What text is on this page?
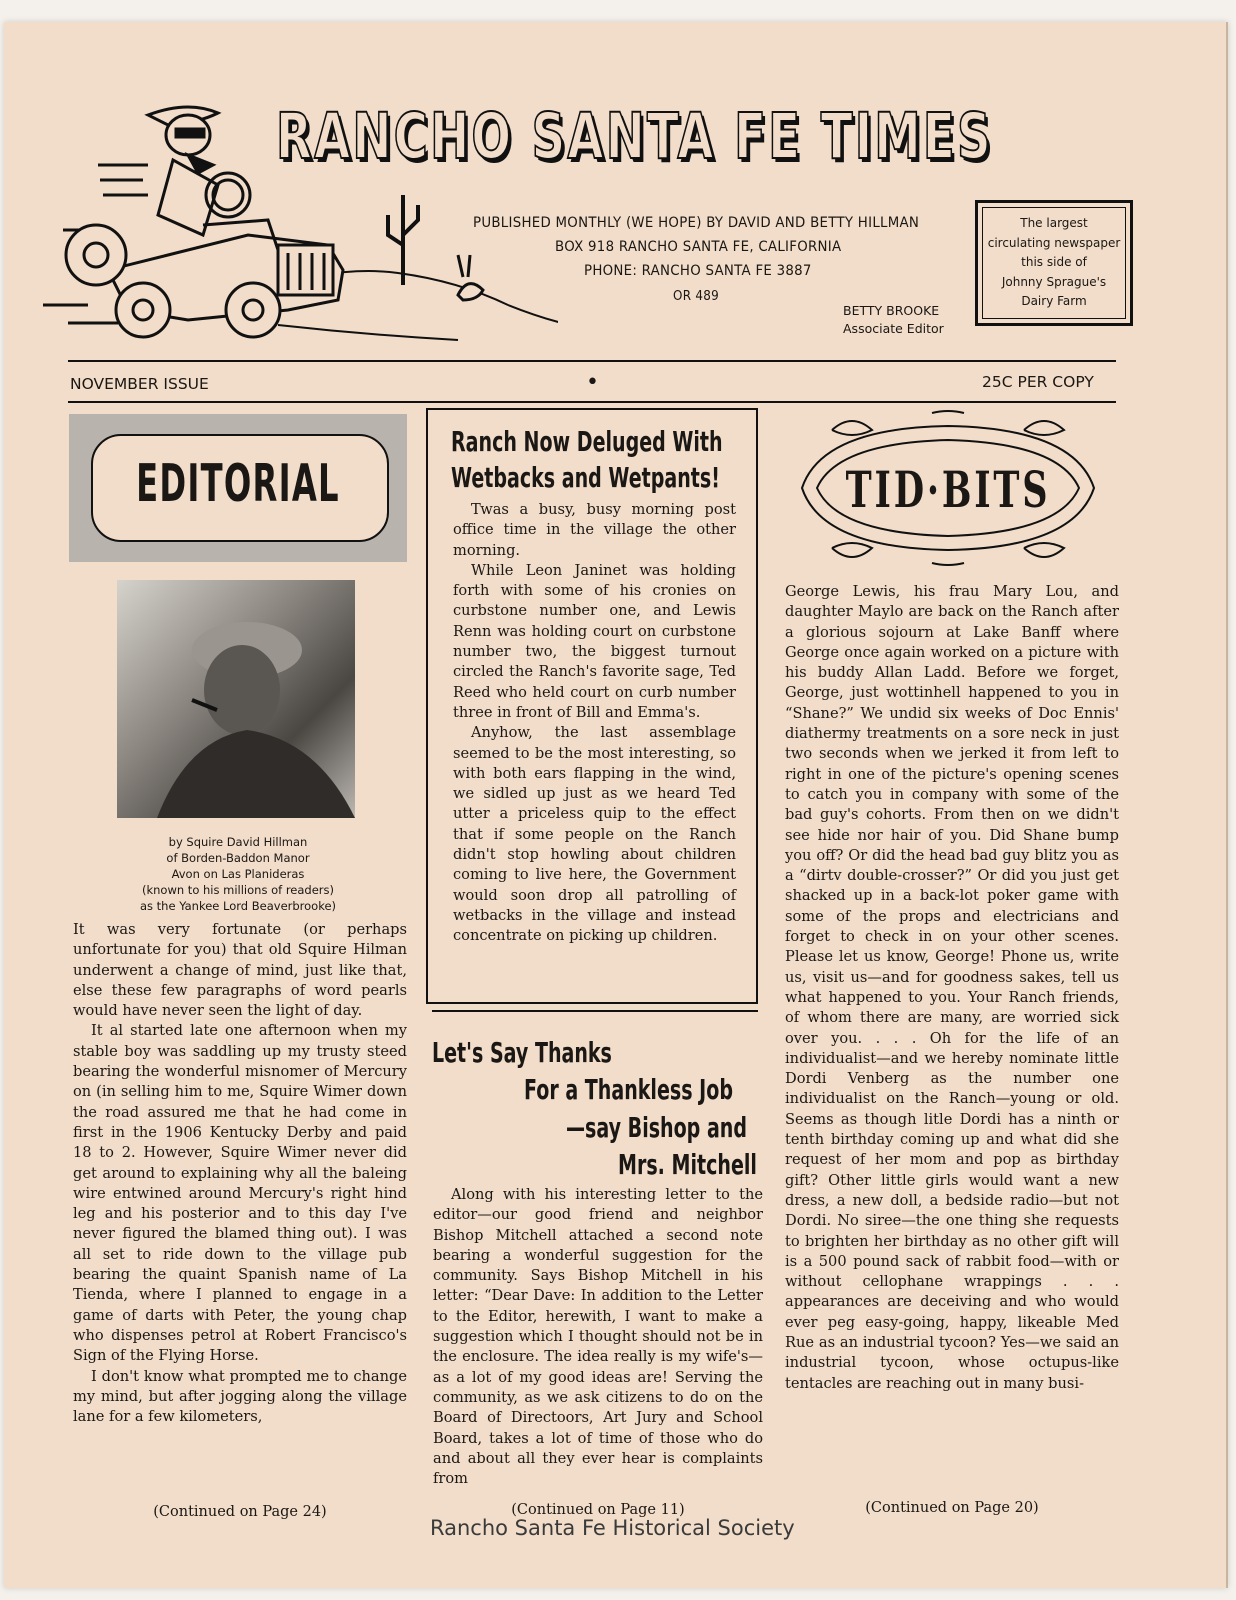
RANCHO SANTA FE TIMES
PUBLISHED MONTHLY (WE HOPE) BY DAVID AND BETTY HILLMAN
BOX 918 RANCHO SANTA FE, CALIFORNIA
PHONE: RANCHO SANTA FE 3887
OR 489
BETTY BROOKE
Associate Editor
The largest
circulating newspaper
this side of
Johnny Sprague's
Dairy Farm
NOVEMBER ISSUE	•	25C PER COPY
EDITORIAL
by Squire David Hillman
of Borden-Baddon Manor
Avon on Las Planideras
(known to his millions of readers)
as the Yankee Lord Beaverbrooke)

It was very fortunate (or perhaps unfortunate for you) that old Squire Hilman underwent a change of mind, just like that, else these few paragraphs of word pearls would have never seen the light of day.

It al started late one afternoon when my stable boy was saddling up my trusty steed bearing the wonderful misnomer of Mercury on (in selling him to me, Squire Wimer down the road assured me that he had come in first in the 1906 Kentucky Derby and paid 18 to 2. However, Squire Wimer never did get around to explaining why all the baleing wire entwined around Mercury's right hind leg and his posterior and to this day I've never figured the blamed thing out). I was all set to ride down to the village pub bearing the quaint Spanish name of La Tienda, where I planned to engage in a game of darts with Peter, the young chap who dispenses petrol at Robert Francisco's Sign of the Flying Horse.

I don't know what prompted me to change my mind, but after jogging along the village lane for a few kilometers,

(Continued on Page 24)
Ranch Now Deluged With
Wetbacks and Wetpants!

Twas a busy, busy morning post office time in the village the other morning.

While Leon Janinet was holding forth with some of his cronies on curbstone number one, and Lewis Renn was holding court on curbstone number two, the biggest turnout circled the Ranch's favorite sage, Ted Reed who held court on curb number three in front of Bill and Emma's.

Anyhow, the last assemblage seemed to be the most interesting, so with both ears flapping in the wind, we sidled up just as we heard Ted utter a priceless quip to the effect that if some people on the Ranch didn't stop howling about children coming to live here, the Government would soon drop all patrolling of wetbacks in the village and instead concentrate on picking up children.

Let's Say Thanks
For a Thankless Job
—say Bishop and
Mrs. Mitchell

Along with his interesting letter to the editor—our good friend and neighbor Bishop Mitchell attached a second note bearing a wonderful suggestion for the community. Says Bishop Mitchell in his letter: “Dear Dave: In addition to the Letter to the Editor, herewith, I want to make a suggestion which I thought should not be in the enclosure. The idea really is my wife's—as a lot of my good ideas are! Serving the community, as we ask citizens to do on the Board of Directoors, Art Jury and School Board, takes a lot of time of those who do and about all they ever hear is complaints from

(Continued on Page 11)
TID·BITS

George Lewis, his frau Mary Lou, and daughter Maylo are back on the Ranch after a glorious sojourn at Lake Banff where George once again worked on a picture with his buddy Allan Ladd. Before we forget, George, just wottinhell happened to you in “Shane?” We undid six weeks of Doc Ennis' diathermy treatments on a sore neck in just two seconds when we jerked it from left to right in one of the picture's opening scenes to catch you in company with some of the bad guy's cohorts. From then on we didn't see hide nor hair of you. Did Shane bump you off? Or did the head bad guy blitz you as a “dirtv double-crosser?” Or did you just get shacked up in a back-lot poker game with some of the props and electricians and forget to check in on your other scenes. Please let us know, George! Phone us, write us, visit us—and for goodness sakes, tell us what happened to you. Your Ranch friends, of whom there are many, are worried sick over you. . . . Oh for the life of an individualist—and we hereby nominate little Dordi Venberg as the number one individualist on the Ranch—young or old. Seems as though litle Dordi has a ninth or tenth birthday coming up and what did she request of her mom and pop as birthday gift? Other little girls would want a new dress, a new doll, a bedside radio—but not Dordi. No siree—the one thing she requests to brighten her birthday as no other gift will is a 500 pound sack of rabbit food—with or without cellophane wrappings . . . appearances are deceiving and who would ever peg easy-going, happy, likeable Med Rue as an industrial tycoon? Yes—we said an industrial tycoon, whose octupus-like tentacles are reaching out in many busi-

(Continued on Page 20)
Rancho Santa Fe Historical Society
